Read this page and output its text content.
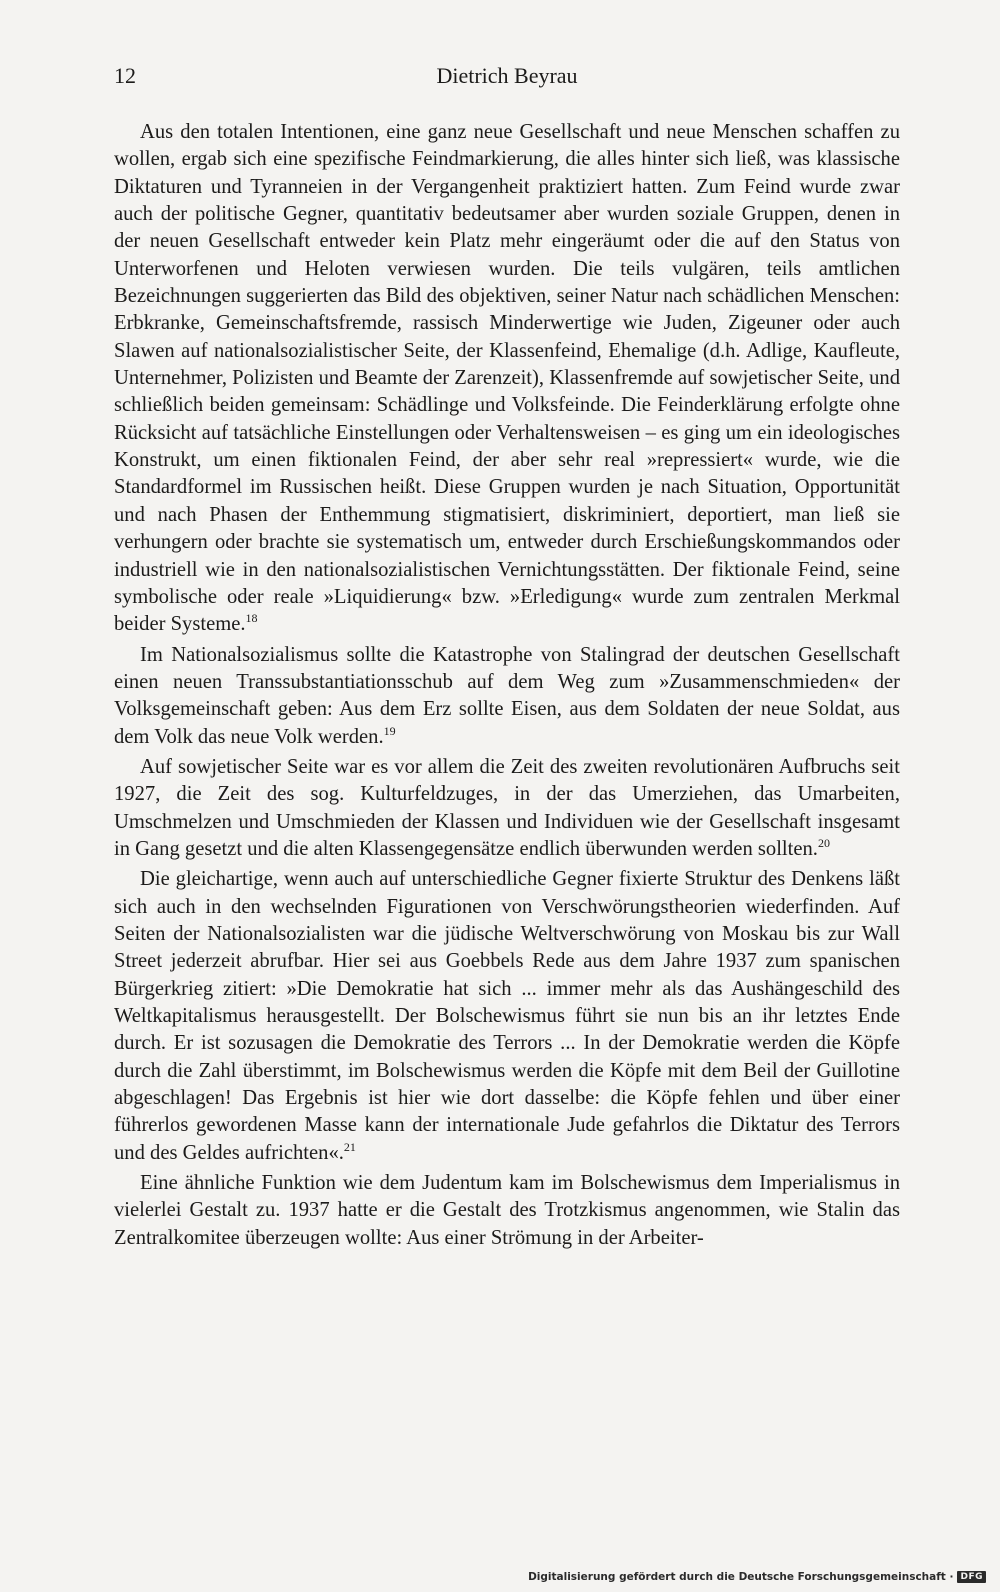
12	Dietrich Beyrau

Aus den totalen Intentionen, eine ganz neue Gesellschaft und neue Menschen schaffen zu wollen, ergab sich eine spezifische Feindmarkierung, die alles hinter sich ließ, was klassische Diktaturen und Tyranneien in der Vergangenheit praktiziert hatten. Zum Feind wurde zwar auch der politische Gegner, quantitativ bedeutsamer aber wurden soziale Gruppen, denen in der neuen Gesellschaft entweder kein Platz mehr eingeräumt oder die auf den Status von Unterworfenen und Heloten verwiesen wurden. Die teils vulgären, teils amtlichen Bezeichnungen suggerierten das Bild des objektiven, seiner Natur nach schädlichen Menschen: Erbkranke, Gemeinschaftsfremde, rassisch Minderwertige wie Juden, Zigeuner oder auch Slawen auf nationalsozialistischer Seite, der Klassenfeind, Ehemalige (d.h. Adlige, Kaufleute, Unternehmer, Polizisten und Beamte der Zarenzeit), Klassenfremde auf sowjetischer Seite, und schließlich beiden gemeinsam: Schädlinge und Volksfeinde. Die Feinderklärung erfolgte ohne Rücksicht auf tatsächliche Einstellungen oder Verhaltensweisen – es ging um ein ideologisches Konstrukt, um einen fiktionalen Feind, der aber sehr real »repressiert« wurde, wie die Standardformel im Russischen heißt. Diese Gruppen wurden je nach Situation, Opportunität und nach Phasen der Enthemmung stigmatisiert, diskriminiert, deportiert, man ließ sie verhungern oder brachte sie systematisch um, entweder durch Erschießungskommandos oder industriell wie in den nationalsozialistischen Vernichtungsstätten. Der fiktionale Feind, seine symbolische oder reale »Liquidierung« bzw. »Erledigung« wurde zum zentralen Merkmal beider Systeme.$^{18}$

Im Nationalsozialismus sollte die Katastrophe von Stalingrad der deutschen Gesellschaft einen neuen Transsubstantiationsschub auf dem Weg zum »Zusammenschmieden« der Volksgemeinschaft geben: Aus dem Erz sollte Eisen, aus dem Soldaten der neue Soldat, aus dem Volk das neue Volk werden.$^{19}$

Auf sowjetischer Seite war es vor allem die Zeit des zweiten revolutionären Aufbruchs seit 1927, die Zeit des sog. Kulturfeldzuges, in der das Umerziehen, das Umarbeiten, Umschmelzen und Umschmieden der Klassen und Individuen wie der Gesellschaft insgesamt in Gang gesetzt und die alten Klassengegensätze endlich überwunden werden sollten.$^{20}$

Die gleichartige, wenn auch auf unterschiedliche Gegner fixierte Struktur des Denkens läßt sich auch in den wechselnden Figurationen von Verschwörungstheorien wiederfinden. Auf Seiten der Nationalsozialisten war die jüdische Weltverschwörung von Moskau bis zur Wall Street jederzeit abrufbar. Hier sei aus Goebbels Rede aus dem Jahre 1937 zum spanischen Bürgerkrieg zitiert: »Die Demokratie hat sich ... immer mehr als das Aushängeschild des Weltkapitalismus herausgestellt. Der Bolschewismus führt sie nun bis an ihr letztes Ende durch. Er ist sozusagen die Demokratie des Terrors ... In der Demokratie werden die Köpfe durch die Zahl überstimmt, im Bolschewismus werden die Köpfe mit dem Beil der Guillotine abgeschlagen! Das Ergebnis ist hier wie dort dasselbe: die Köpfe fehlen und über einer führerlos gewordenen Masse kann der internationale Jude gefahrlos die Diktatur des Terrors und des Geldes aufrichten«.$^{21}$

Eine ähnliche Funktion wie dem Judentum kam im Bolschewismus dem Imperialismus in vielerlei Gestalt zu. 1937 hatte er die Gestalt des Trotzkismus angenommen, wie Stalin das Zentralkomitee überzeugen wollte: Aus einer Strömung in der Arbeiter-

Digitalisierung gefördert durch die Deutsche Forschungsgemeinschaft · DFG
